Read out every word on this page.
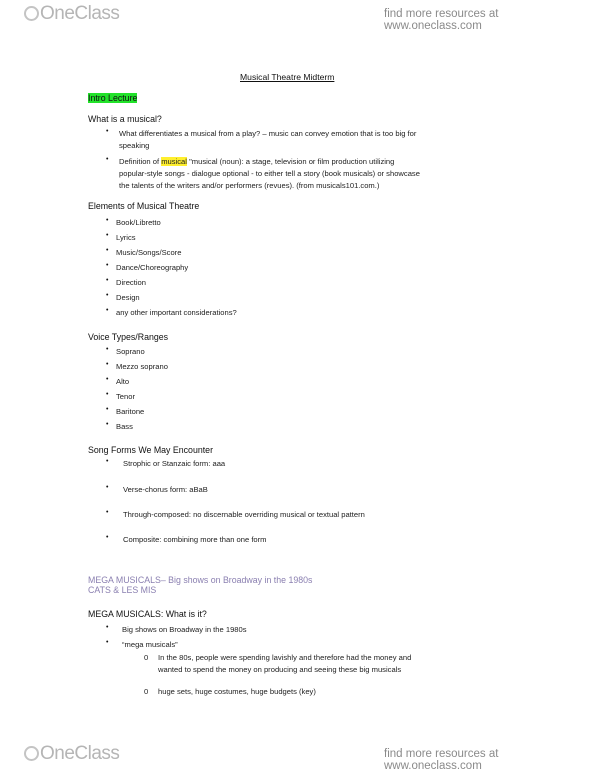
OneClass	find more resources at www.oneclass.com
Musical Theatre Midterm
Intro Lecture
What is a musical?
• What differentiates a musical from a play? – music can convey emotion that is too big for
speaking
• Definition of musical "musical (noun): a stage, television or film production utilizing
popular-style songs - dialogue optional - to either tell a story (book musicals) or showcase
the talents of the writers and/or performers (revues). (from musicals101.com.)
Elements of Musical Theatre
• Book/Libretto
• Lyrics
• Music/Songs/Score
• Dance/Choreography
• Direction
• Design
• any other important considerations?
Voice Types/Ranges
• Soprano
• Mezzo soprano
• Alto
• Tenor
• Baritone
• Bass
Song Forms We May Encounter
• Strophic or Stanzaic form: aaa
• Verse-chorus form: aBaB
• Through-composed: no discernable overriding musical or textual pattern
• Composite: combining more than one form
MEGA MUSICALS– Big shows on Broadway in the 1980s
CATS & LES MIS
MEGA MUSICALS: What is it?
• Big shows on Broadway in the 1980s
• “mega musicals”
0 In the 80s, people were spending lavishly and therefore had the money and
wanted to spend the money on producing and seeing these big musicals
0 huge sets, huge costumes, huge budgets (key)
OneClass	find more resources at www.oneclass.com
